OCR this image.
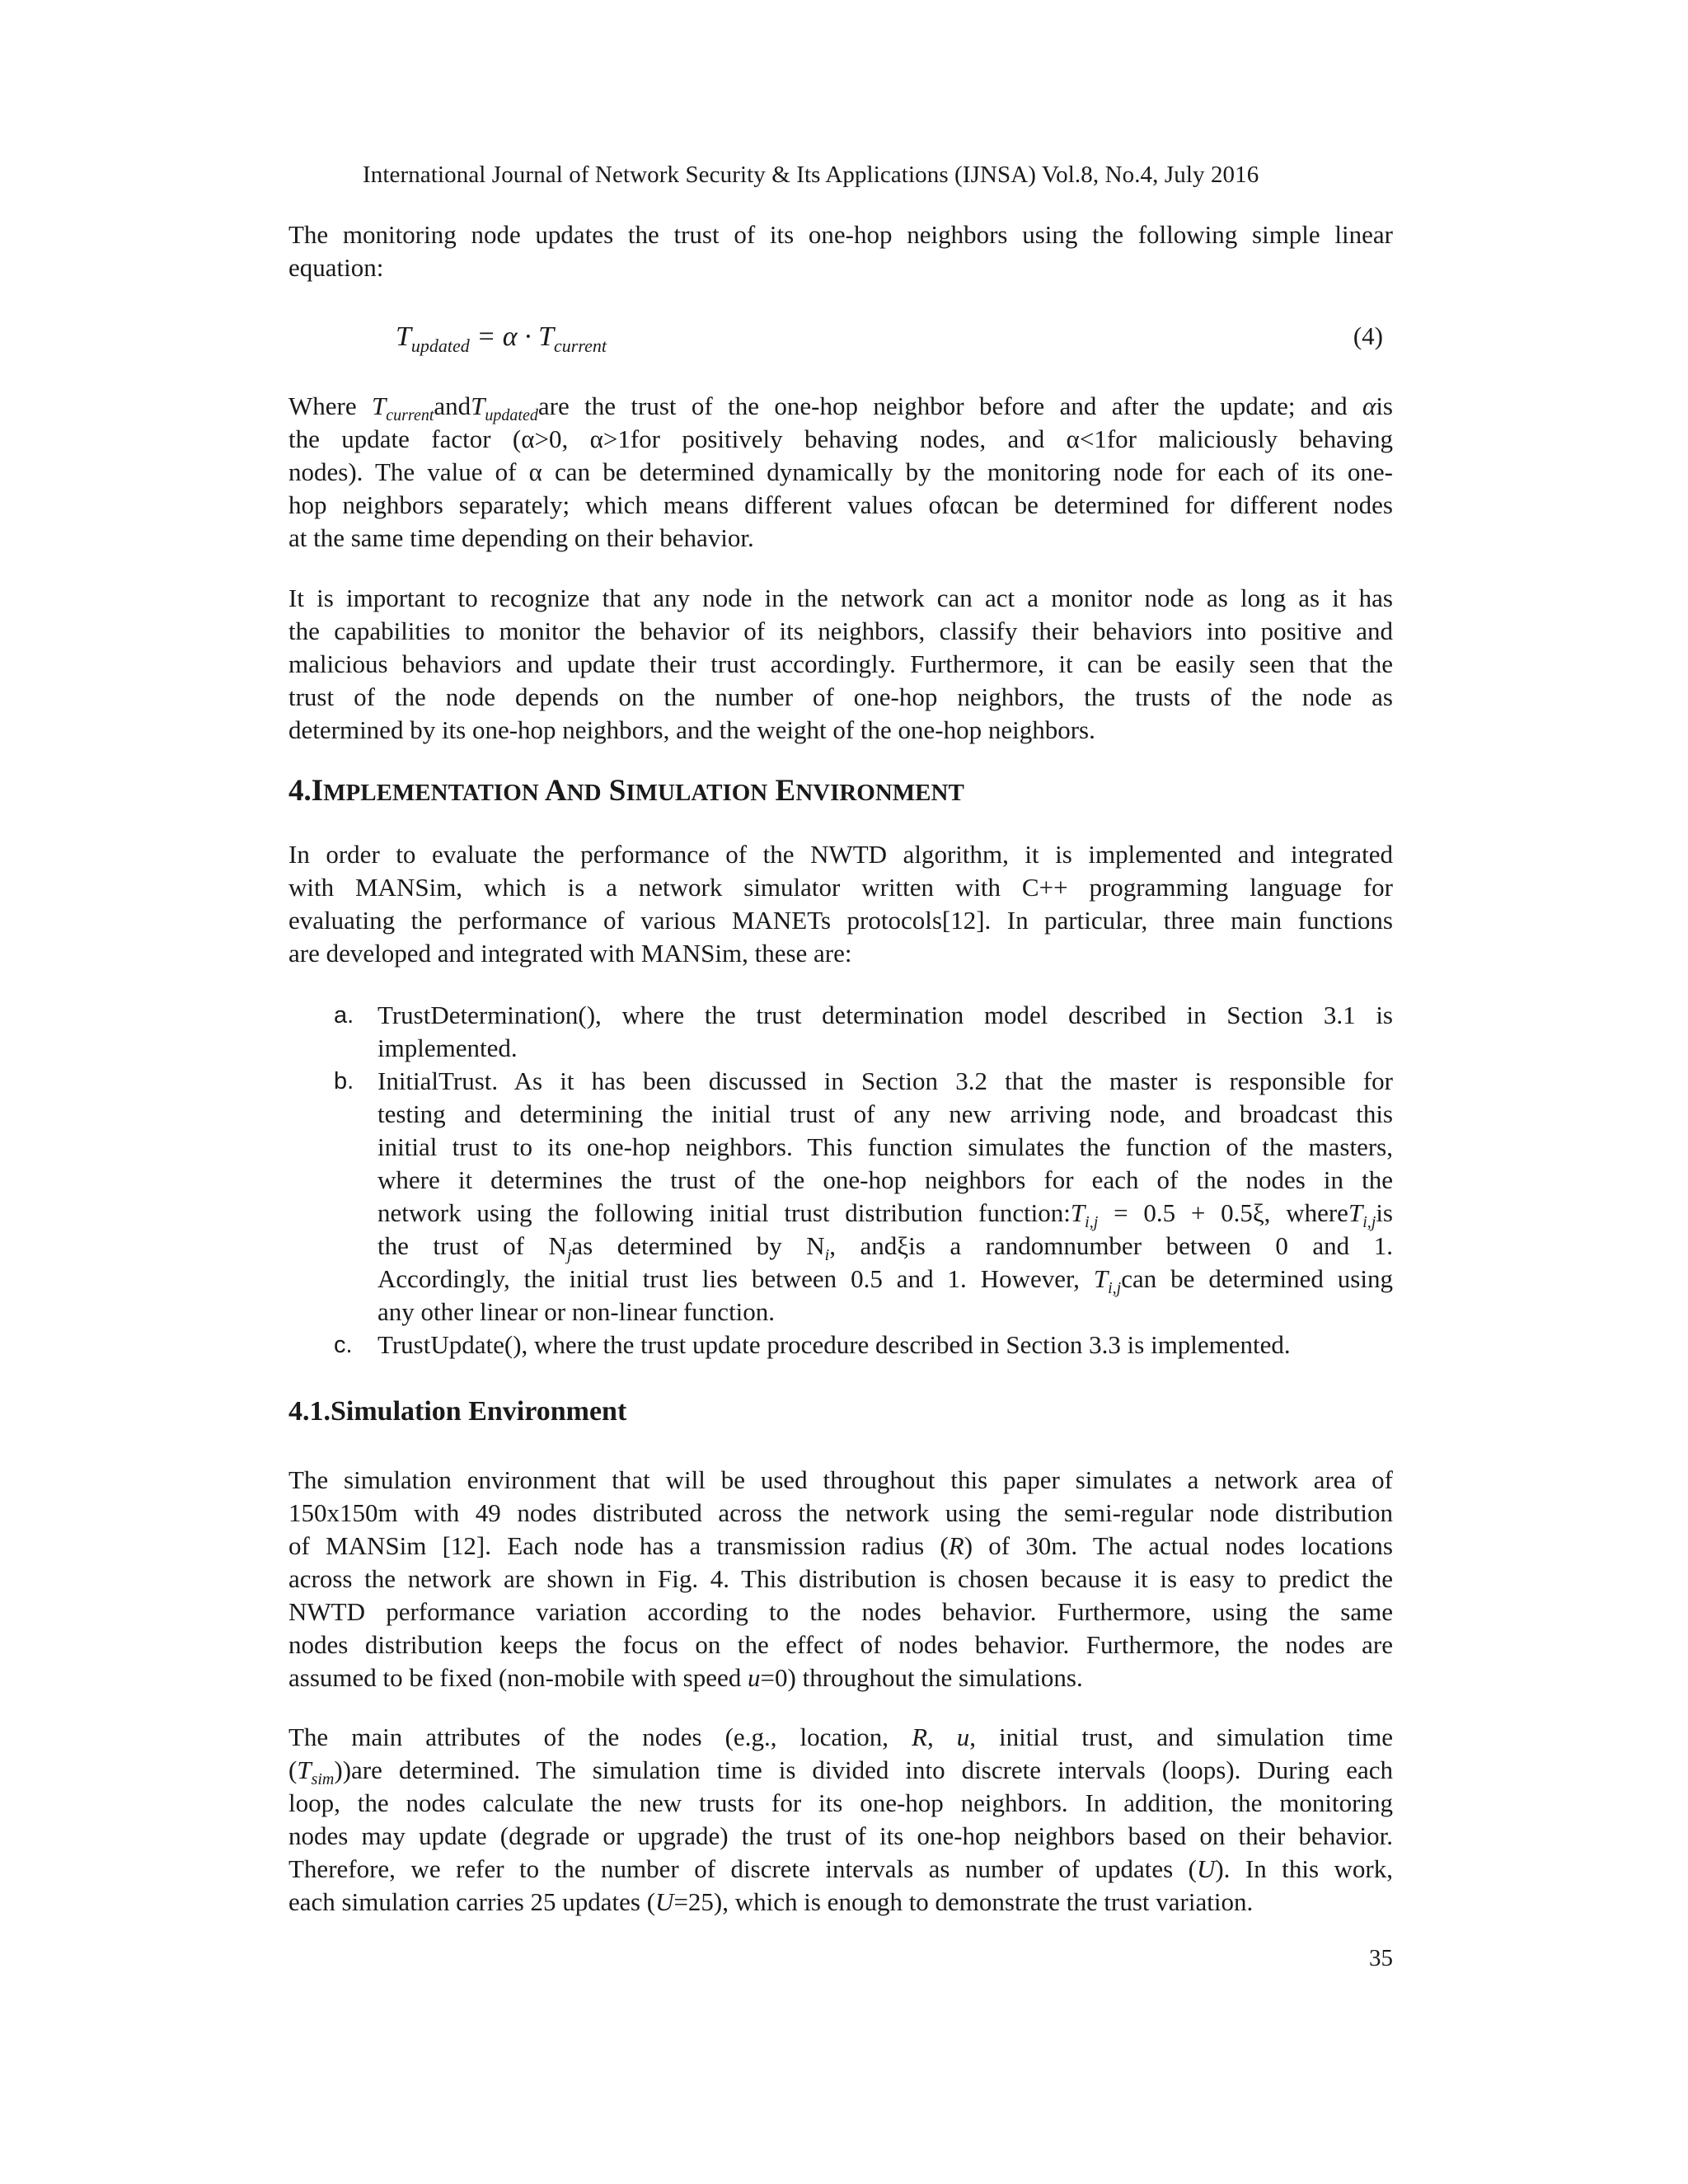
International Journal of Network Security & Its Applications (IJNSA) Vol.8, No.4, July 2016
The monitoring node updates the trust of its one-hop neighbors using the following simple linear
equation:
$T_{updated} = \alpha \cdot T_{current}$	(4)
Where $T_{current}andT_{updated}are$ the trust of the one-hop neighbor before and after the update; and αis
the update factor (α>0, α>1for positively behaving nodes, and α<1for maliciously behaving
nodes). The value of α can be determined dynamically by the monitoring node for each of its one-
hop neighbors separately; which means different values ofαcan be determined for different nodes
at the same time depending on their behavior.
It is important to recognize that any node in the network can act a monitor node as long as it has
the capabilities to monitor the behavior of its neighbors, classify their behaviors into positive and
malicious behaviors and update their trust accordingly. Furthermore, it can be easily seen that the
trust of the node depends on the number of one-hop neighbors, the trusts of the node as
determined by its one-hop neighbors, and the weight of the one-hop neighbors.
4.IMPLEMENTATION AND SIMULATION ENVIRONMENT
In order to evaluate the performance of the NWTD algorithm, it is implemented and integrated
with MANSim, which is a network simulator written with C++ programming language for
evaluating the performance of various MANETs protocols[12]. In particular, three main functions
are developed and integrated with MANSim, these are:
a. TrustDetermination(), where the trust determination model described in Section 3.1 is
implemented.
b. InitialTrust. As it has been discussed in Section 3.2 that the master is responsible for
testing and determining the initial trust of any new arriving node, and broadcast this
initial trust to its one-hop neighbors. This function simulates the function of the masters,
where it determines the trust of the one-hop neighbors for each of the nodes in the
network using the following initial trust distribution $function:T_{i,j} = 0.5 + 0.5\xi$, whereT$_{i,j}$is
the trust of $N_jas$ determined by $N_i$, andξis a randomnumber between 0 and 1.
Accordingly, the initial trust lies between 0.5 and 1. However, $T_{i,j}can$ be determined using
any other linear or non-linear function.
c. TrustUpdate(), where the trust update procedure described in Section 3.3 is implemented.
4.1.Simulation Environment
The simulation environment that will be used throughout this paper simulates a network area of
150x150m with 49 nodes distributed across the network using the semi-regular node distribution
of MANSim [12]. Each node has a transmission radius (R) of 30m. The actual nodes locations
across the network are shown in Fig. 4. This distribution is chosen because it is easy to predict the
NWTD performance variation according to the nodes behavior. Furthermore, using the same
nodes distribution keeps the focus on the effect of nodes behavior. Furthermore, the nodes are
assumed to be fixed (non-mobile with speed u=0) throughout the simulations.
The main attributes of the nodes (e.g., location, R, u, initial trust, and simulation time
$(T_{sim}))are$ determined. The simulation time is divided into discrete intervals (loops). During each
loop, the nodes calculate the new trusts for its one-hop neighbors. In addition, the monitoring
nodes may update (degrade or upgrade) the trust of its one-hop neighbors based on their behavior.
Therefore, we refer to the number of discrete intervals as number of updates (U). In this work,
each simulation carries 25 updates (U=25), which is enough to demonstrate the trust variation.
35
